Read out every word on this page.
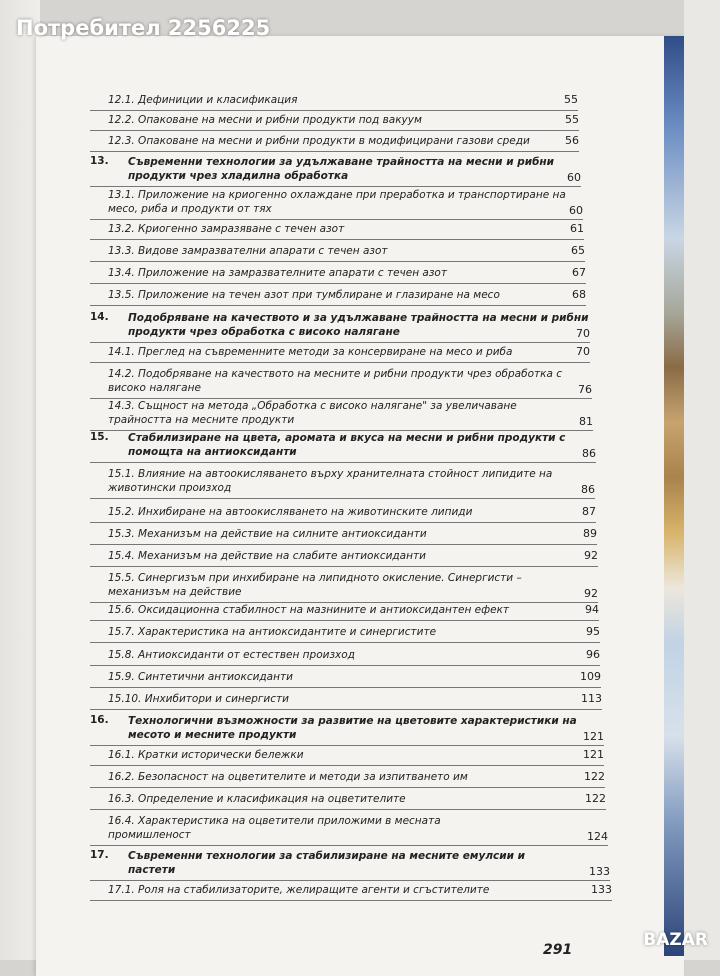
12.1. Дефиниции и класификация	55
12.2. Опаковане на месни и рибни продукти под вакуум	55
12.3. Опаковане на месни и рибни продукти в модифицирани газови среди	56
13. Съвременни технологии за удължаване трайността на месни и рибни
продукти чрез хладилна обработка	60
13.1. Приложение на криогенно охлаждане при преработка и транспортиране на
месо, риба и продукти от тях	60
13.2. Криогенно замразяване с течен азот	61
13.3. Видове замразвателни апарати с течен азот	65
13.4. Приложение на замразвателните апарати с течен азот	67
13.5. Приложение на течен азот при тумблиране и глазиране на месо	68
14. Подобряване на качеството и за удължаване трайността на месни и рибни
продукти чрез обработка с високо налягане	70
14.1. Преглед на съвременните методи за консервиране на месо и риба	70
14.2. Подобряване на качеството на месните и рибни продукти чрез обработка с
високо налягане	76
14.3. Същност на метода „Обработка с високо налягане" за увеличаване
трайността на месните продукти	81
15. Стабилизиране на цвета, аромата и вкуса на месни и рибни продукти с
помощта на антиоксиданти	86
15.1. Влияние на автоокисляването върху хранителната стойност липидите на
животински произход	86
15.2. Инхибиране на автоокисляването на животинските липиди	87
15.3. Механизъм на действие на силните антиоксиданти	89
15.4. Механизъм на действие на слабите антиоксиданти	92
15.5. Синергизъм при инхибиране на липидното окисление. Синергисти –
механизъм на действие	92
15.6. Оксидационна стабилност на мазнините и антиоксидантен ефект	94
15.7. Характеристика на антиоксидантите и синергистите	95
15.8. Антиоксиданти от естествен произход	96
15.9. Синтетични антиоксиданти	109
15.10. Инхибитори и синергисти	113
16. Технологични възможности за развитие на цветовите характеристики на
месото и месните продукти	121
16.1. Кратки исторически бележки	121
16.2. Безопасност на оцветителите и методи за изпитването им	122
16.3. Определение и класификация на оцветителите	122
16.4. Характеристика на оцветители приложими в месната
промишленост	124
17. Съвременни технологии за стабилизиране на месните емулсии и
пастети	133
17.1. Роля на стабилизаторите, желиращите агенти и сгъстителите	133
291
Потребител 2256225
BAZAR
